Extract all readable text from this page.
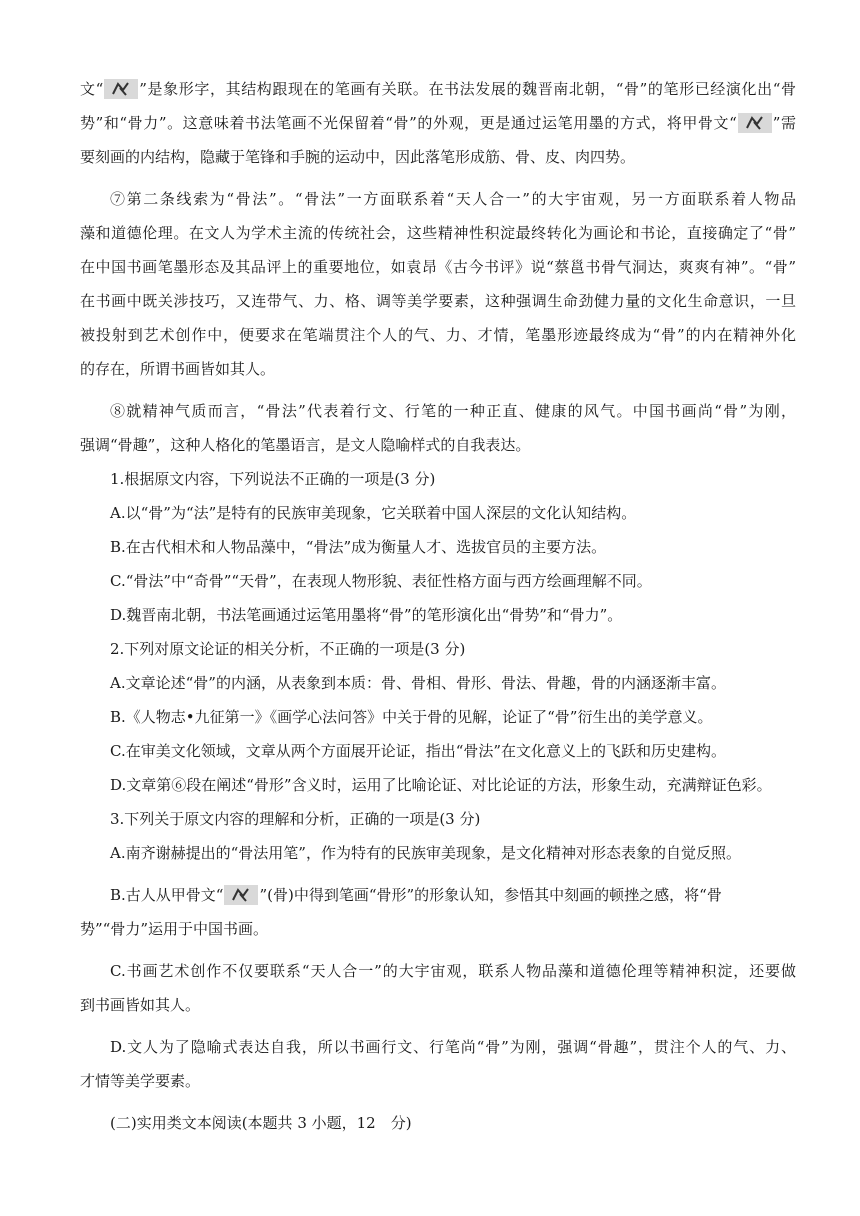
文“ ”是象形字，其结构跟现在的笔画有关联。在书法发展的魏晋南北朝，“骨”的笔形已经演化出“骨
势”和“骨力”。这意味着书法笔画不光保留着“骨”的外观，更是通过运笔用墨的方式，将甲骨文“ ”需
要刻画的内结构，隐藏于笔锋和手腕的运动中，因此落笔形成筋、骨、皮、肉四势。
⑦第二条线索为“骨法”。“骨法”一方面联系着“天人合一”的大宇宙观，另一方面联系着人物品
藻和道德伦理。在文人为学术主流的传统社会，这些精神性积淀最终转化为画论和书论，直接确定了“骨”
在中国书画笔墨形态及其品评上的重要地位，如袁昂《古今书评》说“蔡邕书骨气洞达，爽爽有神”。“骨”
在书画中既关涉技巧，又连带气、力、格、调等美学要素，这种强调生命劲健力量的文化生命意识，一旦
被投射到艺术创作中，便要求在笔端贯注个人的气、力、才情，笔墨形迹最终成为“骨”的内在精神外化
的存在，所谓书画皆如其人。
⑧就精神气质而言，“骨法”代表着行文、行笔的一种正直、健康的风气。中国书画尚“骨”为刚，
强调“骨趣”，这种人格化的笔墨语言，是文人隐喻样式的自我表达。
1.根据原文内容，下列说法不正确的一项是(3 分)
A.以“骨”为“法”是特有的民族审美现象，它关联着中国人深层的文化认知结构。
B.在古代相术和人物品藻中，“骨法”成为衡量人才、选拔官员的主要方法。
C.“骨法”中“奇骨”“天骨”，在表现人物形貌、表征性格方面与西方绘画理解不同。
D.魏晋南北朝，书法笔画通过运笔用墨将“骨”的笔形演化出“骨势”和“骨力”。
2.下列对原文论证的相关分析，不正确的一项是(3 分)
A.文章论述“骨”的内涵，从表象到本质：骨、骨相、骨形、骨法、骨趣，骨的内涵逐渐丰富。
B.《人物志•九征第一》《画学心法问答》中关于骨的见解，论证了“骨”衍生出的美学意义。
C.在审美文化领域，文章从两个方面展开论证，指出“骨法”在文化意义上的飞跃和历史建构。
D.文章第⑥段在阐述“骨形”含义时，运用了比喻论证、对比论证的方法，形象生动，充满辩证色彩。
3.下列关于原文内容的理解和分析，正确的一项是(3 分)
A.南齐谢赫提出的“骨法用笔”，作为特有的民族审美现象，是文化精神对形态表象的自觉反照。
B.古人从甲骨文“ ”(骨)中得到笔画“骨形”的形象认知，参悟其中刻画的顿挫之感，将“骨
势”“骨力”运用于中国书画。
C.书画艺术创作不仅要联系“天人合一”的大宇宙观，联系人物品藻和道德伦理等精神积淀，还要做
到书画皆如其人。
D.文人为了隐喻式表达自我，所以书画行文、行笔尚“骨”为刚，强调“骨趣”，贯注个人的气、力、
才情等美学要素。
(二)实用类文本阅读(本题共 3 小题，12　分)
